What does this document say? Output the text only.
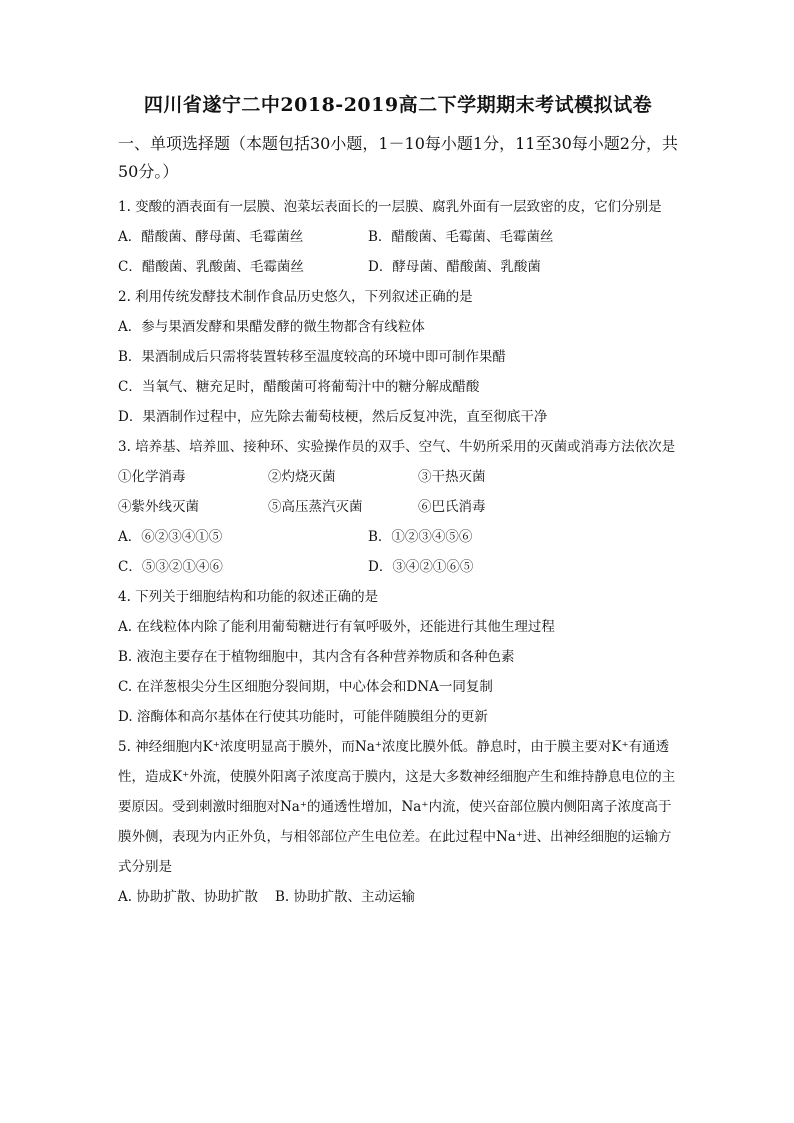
四川省遂宁二中2018-2019高二下学期期末考试模拟试卷

一、单项选择题（本题包括30小题，1－10每小题1分，11至30每小题2分，共50分。）

1. 变酸的酒表面有一层膜、泡菜坛表面长的一层膜、腐乳外面有一层致密的皮，它们分别是
A．醋酸菌、酵母菌、毛霉菌丝	B．醋酸菌、毛霉菌、毛霉菌丝
C．醋酸菌、乳酸菌、毛霉菌丝	D．酵母菌、醋酸菌、乳酸菌
2. 利用传统发酵技术制作食品历史悠久，下列叙述正确的是
A．参与果酒发酵和果醋发酵的微生物都含有线粒体
B．果酒制成后只需将装置转移至温度较高的环境中即可制作果醋
C．当氧气、糖充足时，醋酸菌可将葡萄汁中的糖分解成醋酸
D．果酒制作过程中，应先除去葡萄枝梗，然后反复冲洗，直至彻底干净
3. 培养基、培养皿、接种环、实验操作员的双手、空气、牛奶所采用的灭菌或消毒方法依次是
①化学消毒	②灼烧灭菌	③干热灭菌
④紫外线灭菌	⑤高压蒸汽灭菌	⑥巴氏消毒
A．⑥②③④①⑤	B．①②③④⑤⑥
C．⑤③②①④⑥	D．③④②①⑥⑤
4. 下列关于细胞结构和功能的叙述正确的是
A. 在线粒体内除了能利用葡萄糖进行有氧呼吸外，还能进行其他生理过程
B. 液泡主要存在于植物细胞中，其内含有各种营养物质和各种色素
C. 在洋葱根尖分生区细胞分裂间期，中心体会和DNA一同复制
D. 溶酶体和高尔基体在行使其功能时，可能伴随膜组分的更新
5. 神经细胞内K⁺浓度明显高于膜外，而Na⁺浓度比膜外低。静息时，由于膜主要对K⁺有通透性，造成K⁺外流，使膜外阳离子浓度高于膜内，这是大多数神经细胞产生和维持静息电位的主要原因。受到刺激时细胞对Na⁺的通透性增加，Na⁺内流，使兴奋部位膜内侧阳离子浓度高于膜外侧，表现为内正外负，与相邻部位产生电位差。在此过程中Na⁺进、出神经细胞的运输方式分别是
A. 协助扩散、协助扩散 B. 协助扩散、主动运输
